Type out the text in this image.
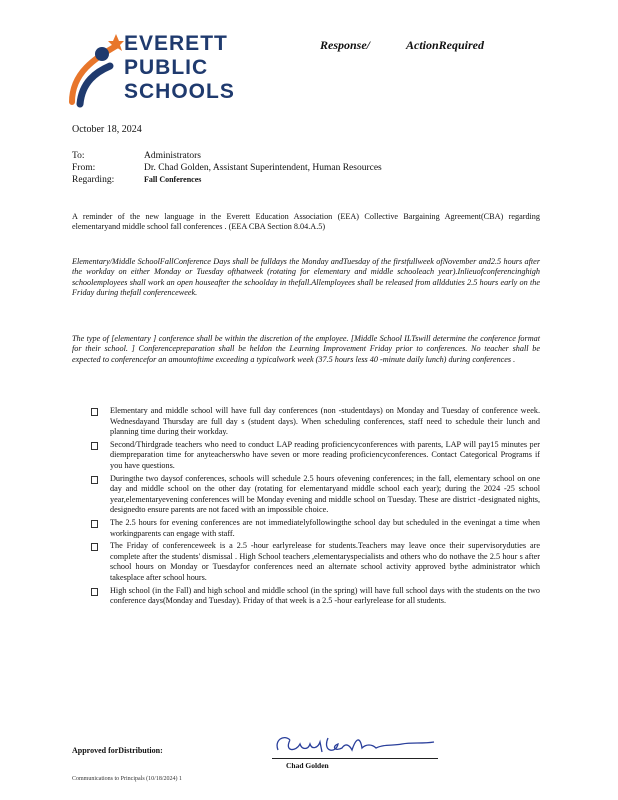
EVERETT
PUBLIC
SCHOOLS
Response/	ActionRequired
October 18, 2024
To:	Administrators
From:	Dr. Chad Golden, Assistant Superintendent, Human Resources
Regarding:	Fall Conferences
A reminder of the new language in the Everett Education Association (EEA) Collective Bargaining Agreement(CBA) regarding elementaryand middle school fall conferences . (EEA CBA Section 8.04.A.5)
Elementary/Middle SchoolFallConference Days shall be fulldays the Monday andTuesday of the firstfullweek ofNovember and2.5 hours after the workday on either Monday or Tuesday ofthatweek (rotating for elementary and middle schooleach year).Inlieuofconferencinghigh schoolemployees shall work an open houseafter the schoolday in thefall.Allemployees shall be released from alldduties 2.5 hours early on the Friday during thefall conferenceweek.
The type of [elementary ] conference shall be within the discretion of the employee. [Middle School ILTswill determine the conference format for their school. ] Conferencepreparation shall be heldon the Learning Improvement Friday prior to conferences. No teacher shall be expected to conferencefor an amountoftime exceeding a typicalwork week (37.5 hours less 40 -minute daily lunch) during conferences .
Elementary and middle school will have full day conferences (non -studentdays) on Monday and Tuesday of conference week. Wednesdayand Thursday are full day s (student days). When scheduling conferences, staff need to schedule their lunch and planning time during their workday.
Second/Thirdgrade teachers who need to conduct LAP reading proficiencyconferences with parents, LAP will pay15 minutes per diempreparation time for anyteacherswho have seven or more reading proficiencyconferences. Contact Categorical Programs if you have questions.
Duringthe two daysof conferences, schools will schedule 2.5 hours ofevening conferences; in the fall, elementary school on one day and middle school on the other day (rotating for elementaryand middle school each year); during the 2024 -25 school year,elementaryevening conferences will be Monday evening and middle school on Tuesday. These are district -designated nights, designedto ensure parents are not faced with an impossible choice.
The 2.5 hours for evening conferences are not immediatelyfollowingthe school day but scheduled in the eveningat a time when workingparents can engage with staff.
The Friday of conferenceweek is a 2.5 -hour earlyrelease for students.Teachers may leave once their supervisoryduties are complete after the students' dismissal . High School teachers ,elementaryspecialists and others who do nothave the 2.5 hour s after school hours on Monday or Tuesdayfor conferences need an alternate school activity approved bythe administrator which takesplace after school hours.
High school (in the Fall) and high school and middle school (in the spring) will have full school days with the students on the two conference days(Monday and Tuesday). Friday of that week is a 2.5 -hour earlyrelease for all students.
Approved forDistribution:
Chad Golden
Communications to Principals (10/18/2024) 1
